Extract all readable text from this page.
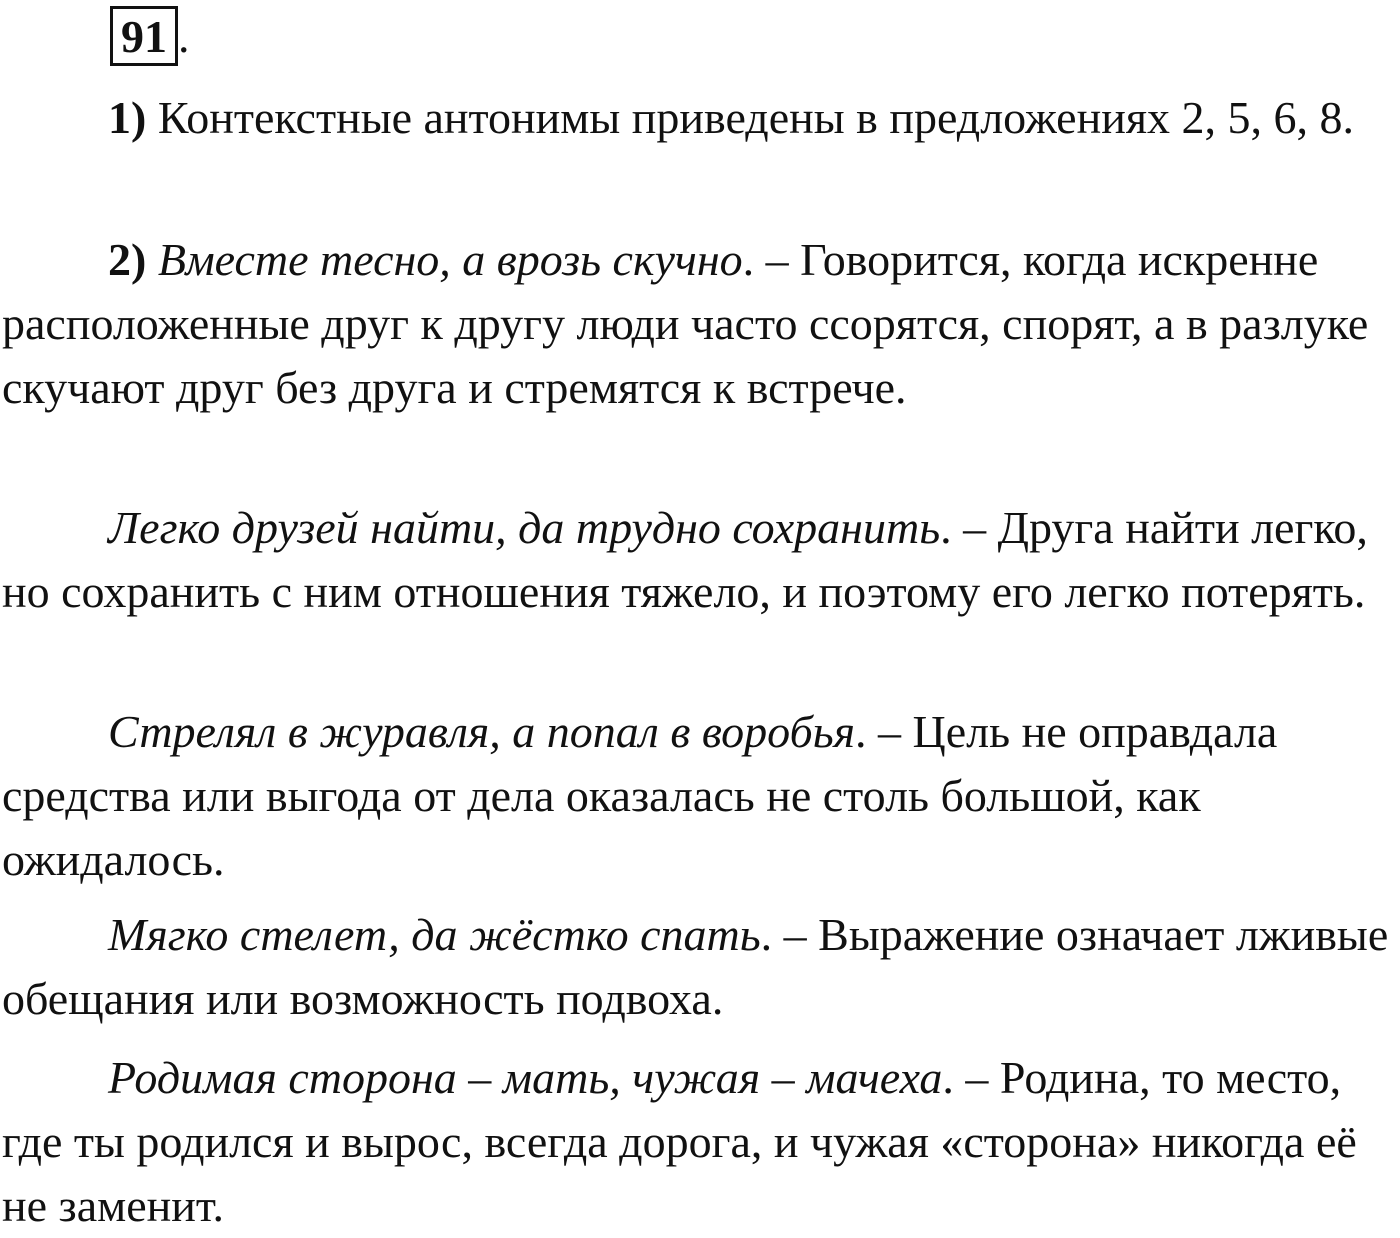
91 .

1) Контекстные антонимы приведены в предложениях 2, 5, 6, 8.

2) Вместе тесно, а врозь скучно. – Говорится, когда искренне расположенные друг к другу люди часто ссорятся, спорят, а в разлуке скучают друг без друга и стремятся к встрече.

Легко друзей найти, да трудно сохранить. – Друга найти легко, но сохранить с ним отношения тяжело, и поэтому его легко потерять.

Стрелял в журавля, а попал в воробья. – Цель не оправдала средства или выгода от дела оказалась не столь большой, как ожидалось.

Мягко стелет, да жёстко спать. – Выражение означает лживые обещания или возможность подвоха.

Родимая сторона – мать, чужая – мачеха. – Родина, то место, где ты родился и вырос, всегда дорога, и чужая «сторона» никогда её не заменит.
